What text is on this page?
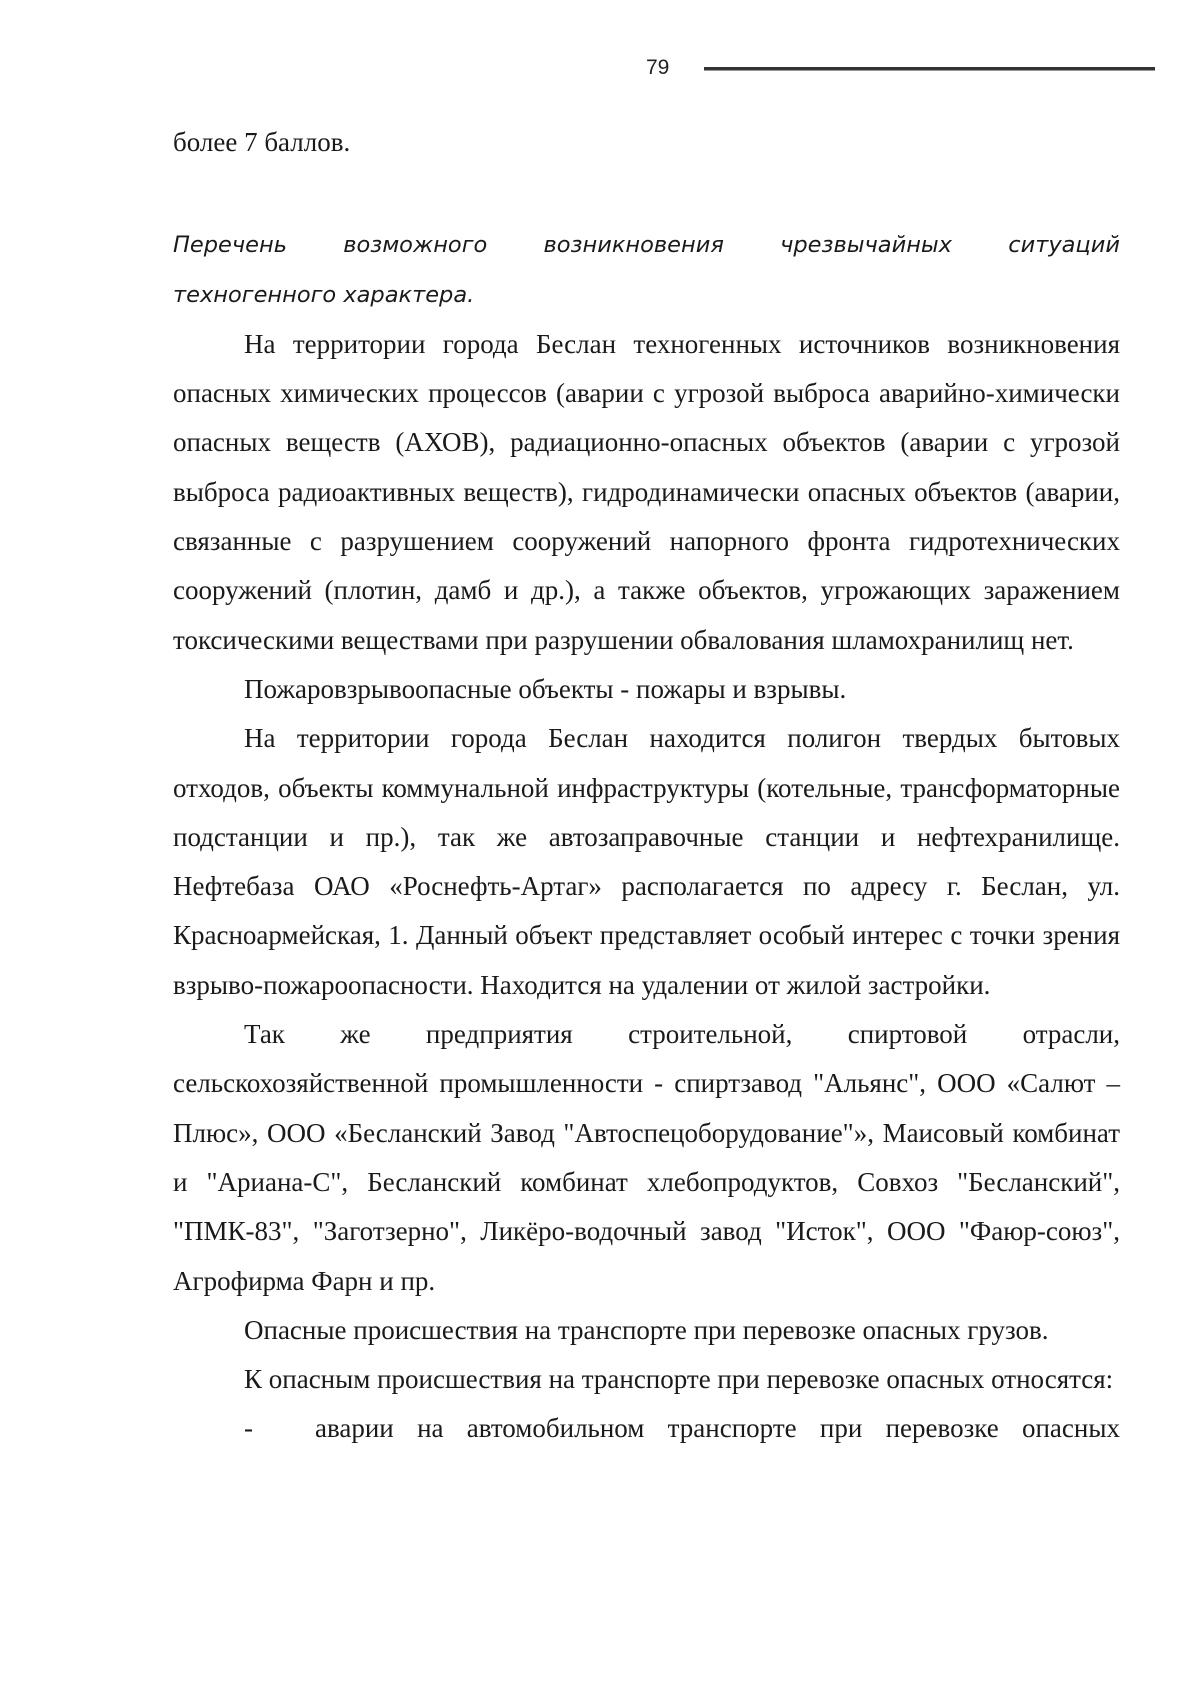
79

более 7 баллов.

Перечень возможного возникновения чрезвычайных ситуаций

техногенного характера.

На территории города Беслан техногенных источников возникновения опасных химических процессов (аварии с угрозой выброса аварийно-химически опасных веществ (АХОВ), радиационно-опасных объектов (аварии с угрозой выброса радиоактивных веществ), гидродинамически опасных объектов (аварии, связанные с разрушением сооружений напорного фронта гидротехнических сооружений (плотин, дамб и др.), а также объектов, угрожающих заражением токсическими веществами при разрушении обвалования шламохранилищ нет.

Пожаровзрывоопасные объекты - пожары и взрывы.

На территории города Беслан находится полигон твердых бытовых отходов, объекты коммунальной инфраструктуры (котельные, трансформаторные подстанции и пр.), так же автозаправочные станции и нефтехранилище. Нефтебаза ОАО «Роснефть-Артаг» располагается по адресу г. Беслан, ул. Красноармейская, 1. Данный объект представляет особый интерес с точки зрения взрыво-пожароопасности. Находится на удалении от жилой застройки.

Так же предприятия строительной, спиртовой отрасли, сельскохозяйственной промышленности - спиртзавод "Альянс", ООО «Салют – Плюс», ООО «Бесланский Завод "Автоспецоборудование"», Маисовый комбинат и "Ариана-С", Бесланский комбинат хлебопродуктов, Совхоз "Бесланский", "ПМК-83", "Заготзерно", Ликёро-водочный завод "Исток", ООО "Фаюр-союз", Агрофирма Фарн и пр.

Опасные происшествия на транспорте при перевозке опасных грузов.

К опасным происшествия на транспорте при перевозке опасных относятся:

-	аварии на автомобильном транспорте при перевозке опасных
